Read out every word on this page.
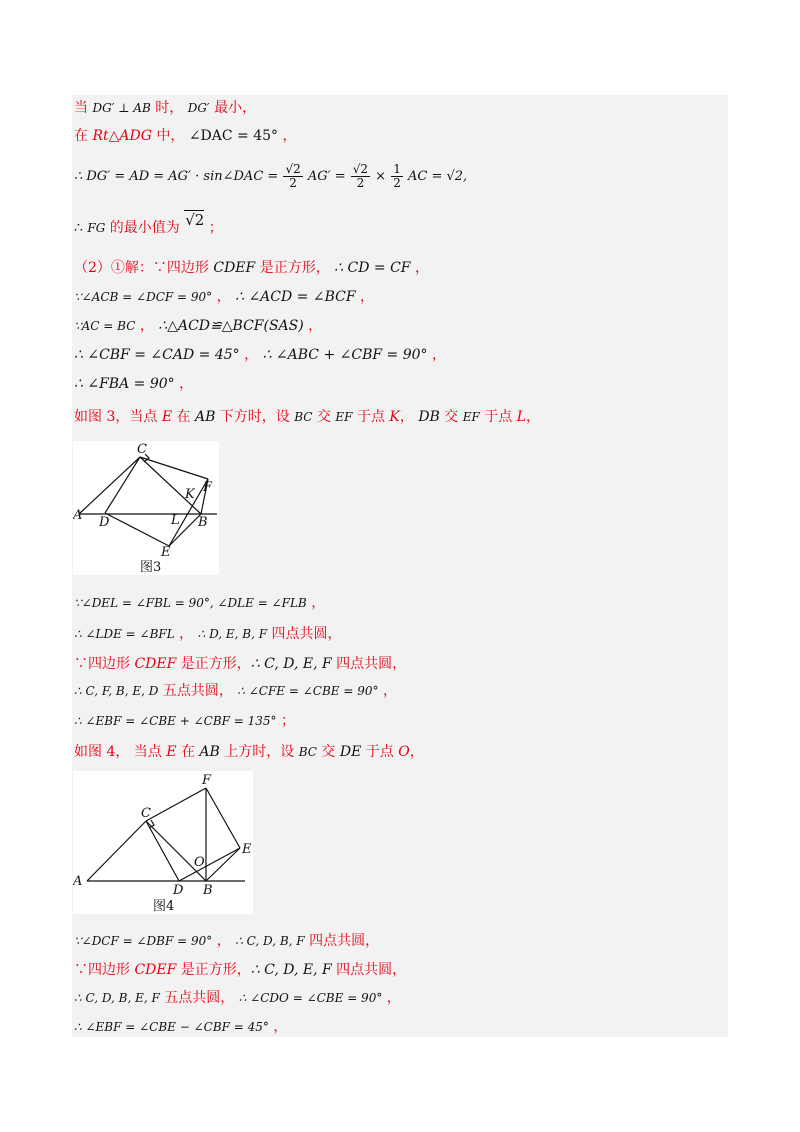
当 DG′ ⊥ AB 时， DG′ 最小，
在 Rt△ADG 中， ∠DAC = 45° ，
∴ DG′ = AD = AG′ · sin∠DAC = $\frac{√2}{2} AG' = \frac{√2}{2} \times \frac{1}{2}$ AC = √2,
∴ FG 的最小值为 √2 ；
（2）①解：∵四边形 CDEF 是正方形， ∴ CD = CF ，
∵∠ACB = ∠DCF = 90° ， ∴ ∠ACD = ∠BCF ，
∵AC = BC ， ∴△ACD≌△BCF(SAS) ，
∴ ∠CBF = ∠CAD = 45° ， ∴ ∠ABC + ∠CBF = 90° ，
∴ ∠FBA = 90° ，
如图 3，当点 E 在 AB 下方时，设 BC 交 EF 于点 K， DB 交 EF 于点 L，
C
A D	L B
K F
E
图3
∵∠DEL = ∠FBL = 90°, ∠DLE = ∠FLB ，
∴ ∠LDE = ∠BFL ， ∴ D, E, B, F 四点共圆，
∵四边形 CDEF 是正方形，∴ C, D, E, F 四点共圆，
∴ C, F, B, E, D 五点共圆， ∴ ∠CFE = ∠CBE = 90° ，
∴ ∠EBF = ∠CBE + ∠CBF = 135° ；
如图 4， 当点 E 在 AB 上方时，设 BC 交 DE 于点 O，
C
F
E
O
A
D B
图4
∵∠DCF = ∠DBF = 90° ， ∴ C, D, B, F 四点共圆，
∵四边形 CDEF 是正方形，∴ C, D, E, F 四点共圆，
∴ C, D, B, E, F 五点共圆， ∴ ∠CDO = ∠CBE = 90° ，
∴ ∠EBF = ∠CBE − ∠CBF = 45° ，
